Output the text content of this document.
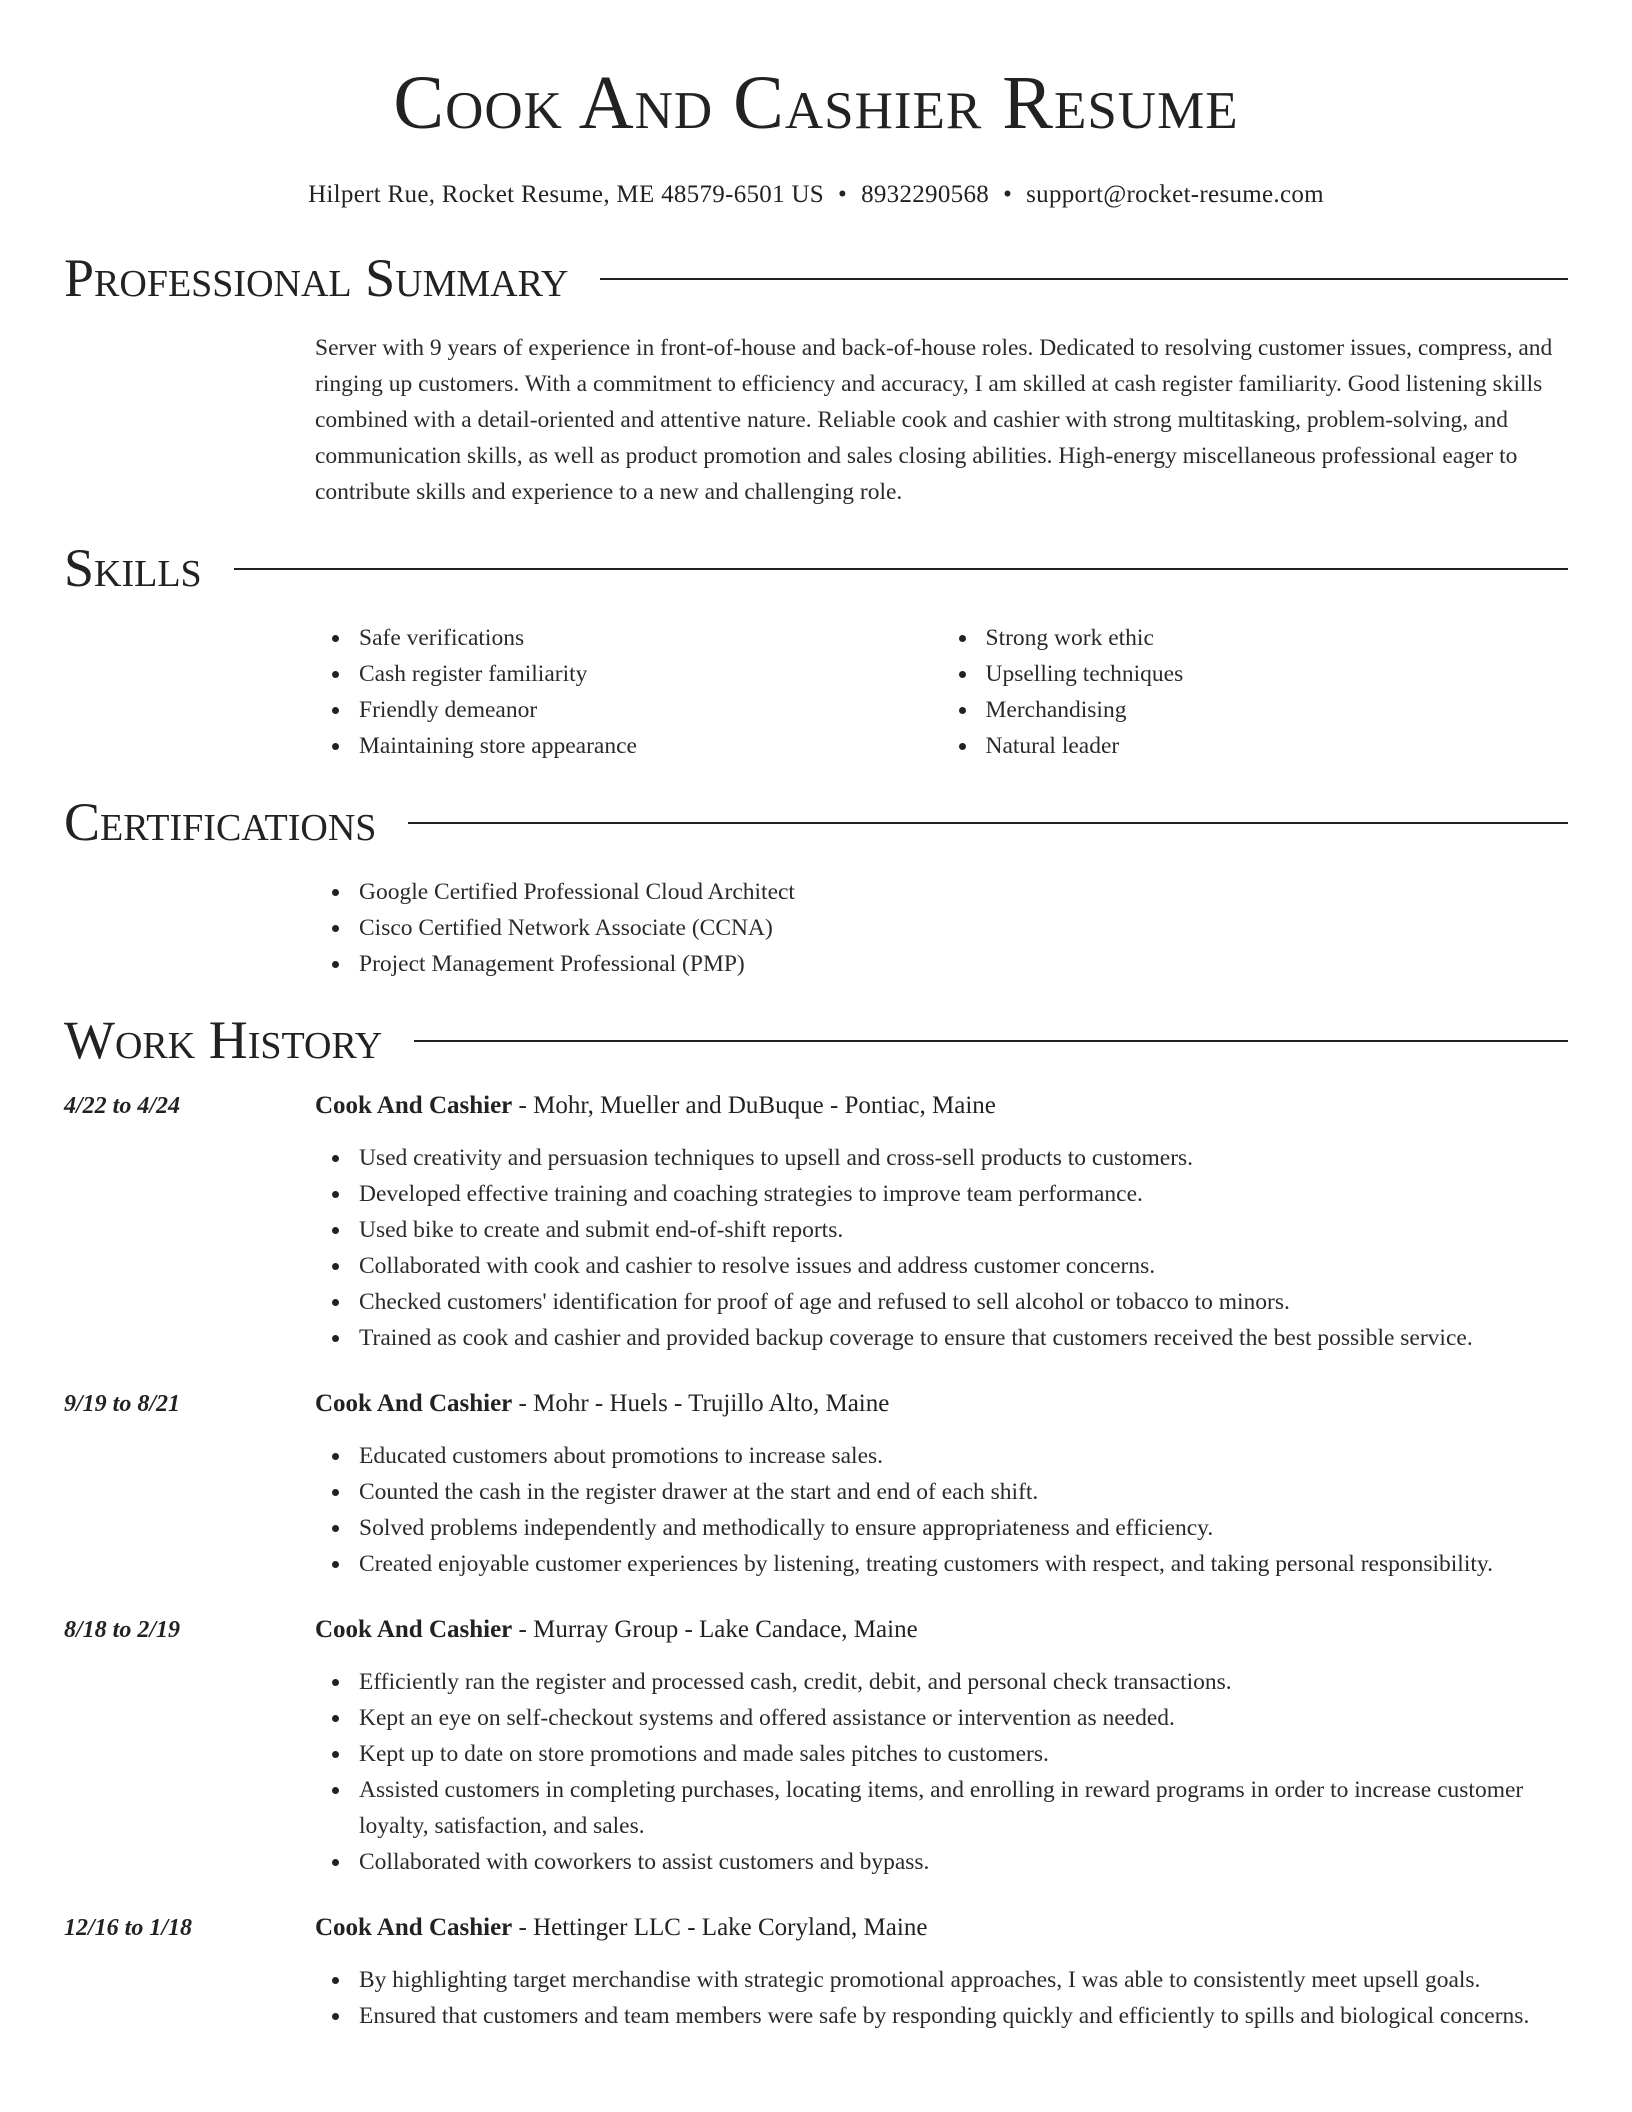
Cook And Cashier Resume
Hilpert Rue, Rocket Resume, ME 48579-6501 US • 8932290568 • support@rocket-resume.com
Professional Summary
Server with 9 years of experience in front-of-house and back-of-house roles. Dedicated to resolving customer issues, compress, and ringing up customers. With a commitment to efficiency and accuracy, I am skilled at cash register familiarity. Good listening skills combined with a detail-oriented and attentive nature. Reliable cook and cashier with strong multitasking, problem-solving, and communication skills, as well as product promotion and sales closing abilities. High-energy miscellaneous professional eager to contribute skills and experience to a new and challenging role.
Skills
Safe verifications
Cash register familiarity
Friendly demeanor
Maintaining store appearance
Strong work ethic
Upselling techniques
Merchandising
Natural leader
Certifications
Google Certified Professional Cloud Architect
Cisco Certified Network Associate (CCNA)
Project Management Professional (PMP)
Work History
4/22 to 4/24	Cook And Cashier - Mohr, Mueller and DuBuque - Pontiac, Maine
Used creativity and persuasion techniques to upsell and cross-sell products to customers.
Developed effective training and coaching strategies to improve team performance.
Used bike to create and submit end-of-shift reports.
Collaborated with cook and cashier to resolve issues and address customer concerns.
Checked customers' identification for proof of age and refused to sell alcohol or tobacco to minors.
Trained as cook and cashier and provided backup coverage to ensure that customers received the best possible service.
9/19 to 8/21	Cook And Cashier - Mohr - Huels - Trujillo Alto, Maine
Educated customers about promotions to increase sales.
Counted the cash in the register drawer at the start and end of each shift.
Solved problems independently and methodically to ensure appropriateness and efficiency.
Created enjoyable customer experiences by listening, treating customers with respect, and taking personal responsibility.
8/18 to 2/19	Cook And Cashier - Murray Group - Lake Candace, Maine
Efficiently ran the register and processed cash, credit, debit, and personal check transactions.
Kept an eye on self-checkout systems and offered assistance or intervention as needed.
Kept up to date on store promotions and made sales pitches to customers.
Assisted customers in completing purchases, locating items, and enrolling in reward programs in order to increase customer loyalty, satisfaction, and sales.
Collaborated with coworkers to assist customers and bypass.
12/16 to 1/18	Cook And Cashier - Hettinger LLC - Lake Coryland, Maine
By highlighting target merchandise with strategic promotional approaches, I was able to consistently meet upsell goals.
Ensured that customers and team members were safe by responding quickly and efficiently to spills and biological concerns.
